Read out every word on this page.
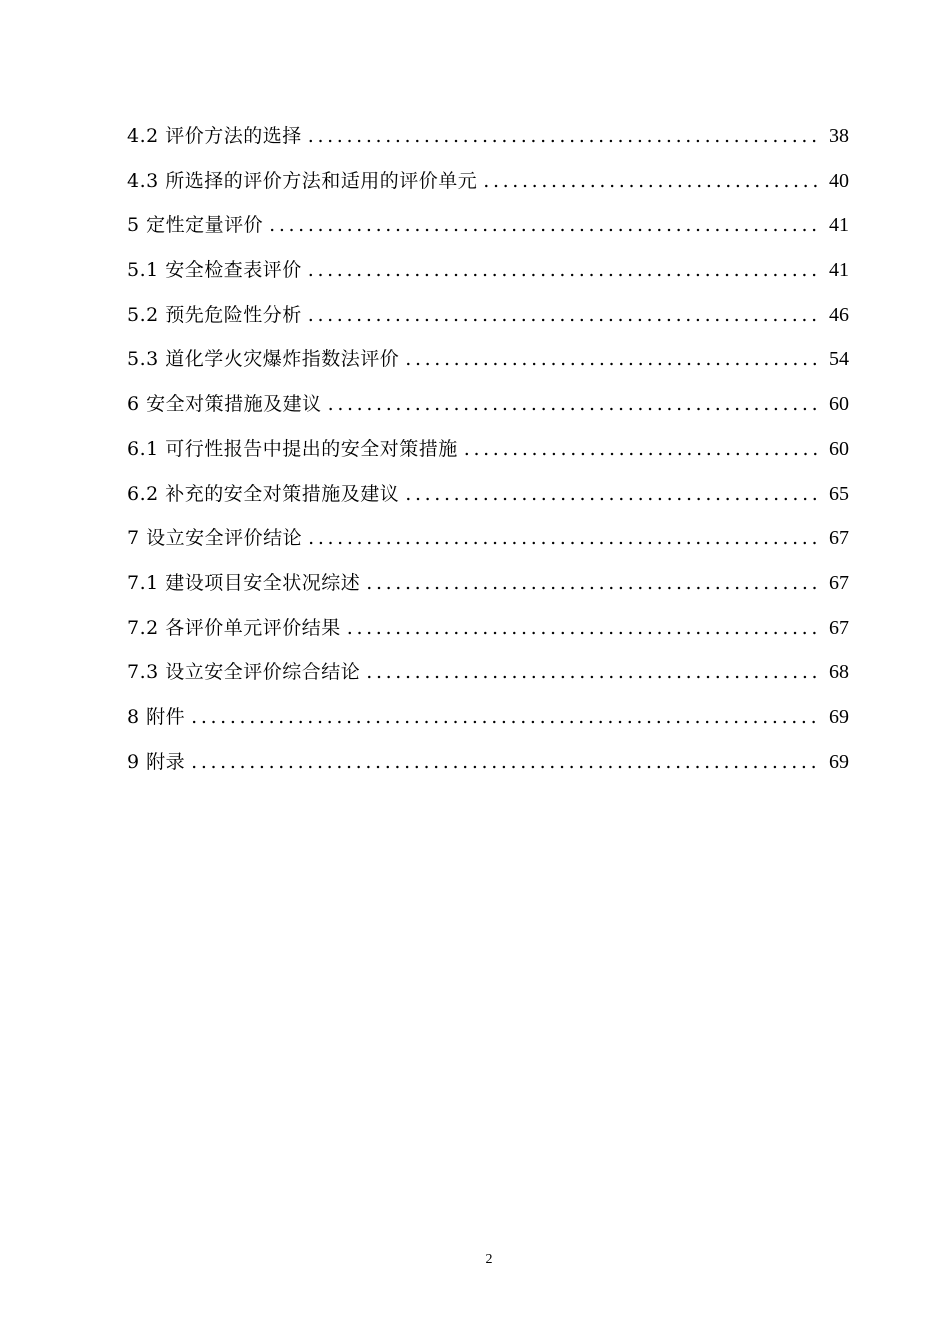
4.2 评价方法的选择 . . .	38
4.3 所选择的评价方法和适用的评价单元 . . .	40
5 定性定量评价 . . .	41
5.1 安全检查表评价 . . .	41
5.2 预先危险性分析 . . .	46
5.3 道化学火灾爆炸指数法评价 . . .	54
6 安全对策措施及建议 . . .	60
6.1 可行性报告中提出的安全对策措施 . . .	60
6.2 补充的安全对策措施及建议 . . .	65
7 设立安全评价结论 . . .	67
7.1 建设项目安全状况综述 . . .	67
7.2 各评价单元评价结果 . . .	67
7.3 设立安全评价综合结论 . . .	68
8 附件 . . .	69
9 附录 . . .	69
2
